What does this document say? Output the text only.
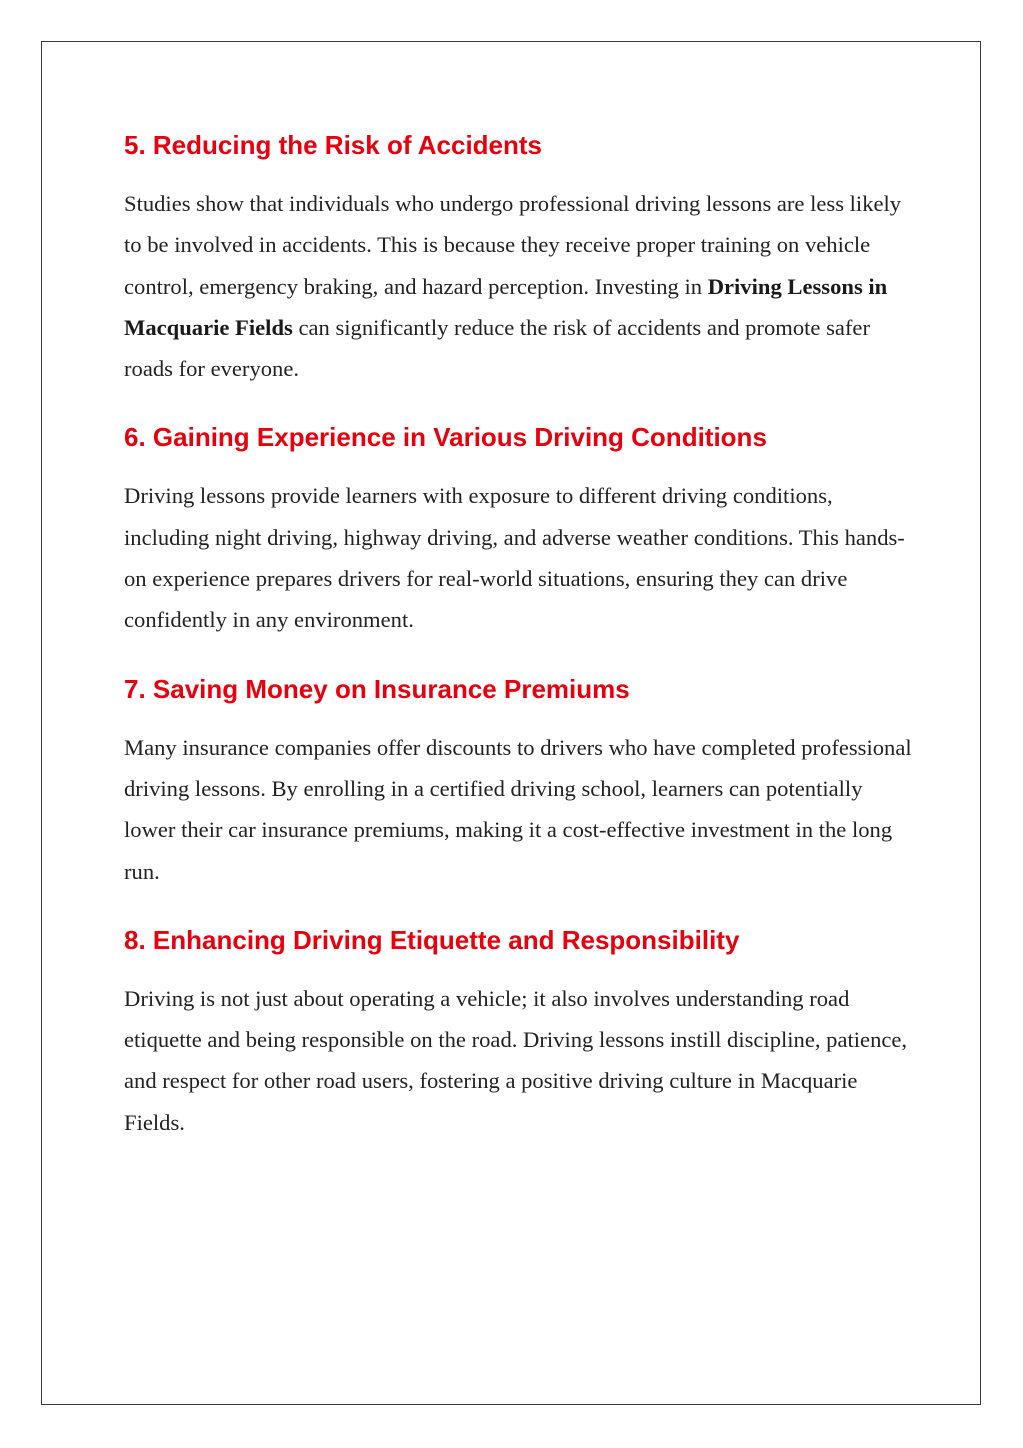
5. Reducing the Risk of Accidents

Studies show that individuals who undergo professional driving lessons are less likely to be involved in accidents. This is because they receive proper training on vehicle control, emergency braking, and hazard perception. Investing in Driving Lessons in Macquarie Fields can significantly reduce the risk of accidents and promote safer roads for everyone.

6. Gaining Experience in Various Driving Conditions

Driving lessons provide learners with exposure to different driving conditions, including night driving, highway driving, and adverse weather conditions. This hands-on experience prepares drivers for real-world situations, ensuring they can drive confidently in any environment.

7. Saving Money on Insurance Premiums

Many insurance companies offer discounts to drivers who have completed professional driving lessons. By enrolling in a certified driving school, learners can potentially lower their car insurance premiums, making it a cost-effective investment in the long run.

8. Enhancing Driving Etiquette and Responsibility

Driving is not just about operating a vehicle; it also involves understanding road etiquette and being responsible on the road. Driving lessons instill discipline, patience, and respect for other road users, fostering a positive driving culture in Macquarie Fields.
